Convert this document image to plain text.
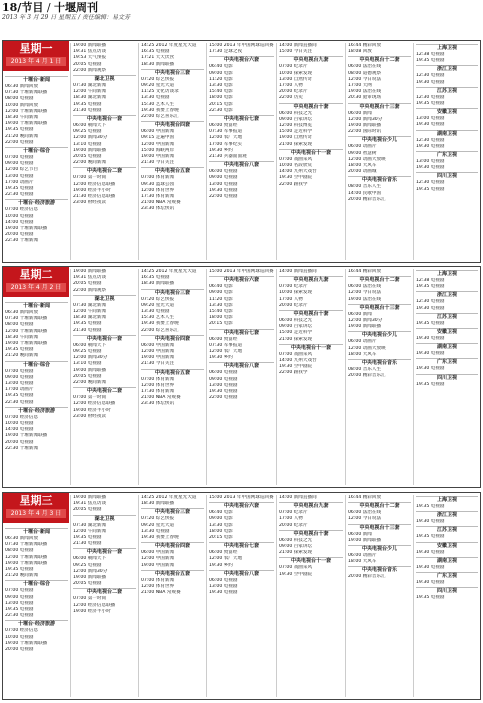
18/节目 / 十堰周刊
2013 年 3 月 29 日 星期五 / 责任编辑：易文芳
十堰台·新闻
06:30 新闻回放
07:30 十堰新闻联播
08:00 电视剧
10:00 新闻回放
12:00 十堰新闻联播
18:30 午间新闻
19:00 十堰新闻联播
19:35 电视剧
21:20 晚间新闻
22:00 电视剧
十堰台·综合
07:00 电视剧
09:00 电视剧
12:00 综艺节目
13:00 电视剧
17:00 动画片
19:35 电视剧
22:30 电视剧
十堰台·经济旅游
07:00 经济信息
10:00 电视剧
14:00 电视剧
19:00 十堰新闻联播
20:00 电视剧
22:30 十堰新闻
19:00 新闻联播
19:31 焦点访谈
19:53 天气预报
20:05 电视剧
22:00 新闻观察
湖北卫视
07:30 湖北新闻
12:00 午间新闻
18:30 湖北新闻
19:35 电视剧
21:30 电视剧
中央电视台一套
06:00 朝闻天下
09:25 电视剧
12:00 新闻30分
13:10 电视剧
19:00 新闻联播
20:05 电视剧
22:00 晚间新闻
中央电视台二套
07:00 第一时间
12:00 经济信息联播
19:00 经济半小时
21:30 经济信息联播
23:00 财经夜读
14:25 2012 年度星光大道
16:35 电视剧
17:21 天天饮食
18:30 新闻联播
中央电视台三套
07:20 综艺快报
09:20 星光大道
11:25 文化访谈录
13:30 电视剧
15:30 艺术人生
19:30 我要上春晚
22:00 综艺喜乐汇
中央电视台四套
06:00 中国新闻
09:15 走遍中国
12:00 中国新闻
15:00 海峡两岸
19:00 中国新闻
21:30 今日关注
中央电视台五套
07:00 体育新闻
09:30 篮球公园
12:00 体育世界
17:30 体育新闻
21:00 NBA 常规赛
23:30 体坛快讯
15:00 2013 年中国网球巡回赛
17:30 足球之夜
中央电视台六套
06:40 电影
09:00 电影
11:20 电影
13:30 电影
15:40 电影
18:00 电影
20:15 电影
22:30 电影
中央电视台七套
06:00 致富经
07:30 军事报道
12:00 农广天地
17:00 军事纪实
19:30 乡约
21:30 兵器面面观
中央电视台八套
06:00 电视剧
09:00 电视剧
13:00 电视剧
19:30 电视剧
22:00 电视剧
14:00 新闻直播间
15:00 今日关注
中央电视台九套
07:00 纪录片
10:00 探索发现
13:00 自然传奇
17:00 人物
20:00 纪录片
22:00 历史
中央电视台十套
06:00 科技之光
09:00 百家讲坛
12:00 科技博览
15:00 走近科学
19:00 自然传奇
21:00 探索发现
中央电视台十一套
07:00 戏曲采风
10:00 名段欣赏
14:00 九州大戏台
19:30 空中剧院
22:00 跟我学
16:44 精彩回放
18:08 回放
中央电视台十二套
06:00 法治在线
08:00 道德观察
12:00 今日说法
17:00 天网
19:00 法治在线
20:30 庭审现场
中央电视台十三套
06:00 新闻
12:00 新闻30分
19:00 新闻联播
22:00 国际时讯
中央电视台少儿
06:00 动画片
09:00 智慧树
12:00 动画大放映
18:00 大风车
20:00 动画城
中央电视台音乐
08:00 音乐人生
14:00 民歌中国
20:00 精彩音乐汇
上海卫视
12:38 电视剧
19:35 电视剧
浙江卫视
12:30 电视剧
19:30 电视剧
江苏卫视
12:30 电视剧
19:35 电视剧
安徽卫视
13:00 电视剧
19:30 电视剧
湖南卫视
12:30 电视剧
19:30 电视剧
广东卫视
13:00 电视剧
19:30 电视剧
四川卫视
12:30 电视剧
19:35 电视剧
星期一
2013 年 4 月 1 日
十堰台·新闻
06:30 新闻回放
07:30 十堰新闻联播
08:00 电视剧
12:00 十堰新闻联播
18:30 午间新闻
19:00 十堰新闻联播
19:35 电视剧
21:20 晚间新闻
十堰台·综合
07:00 电视剧
09:00 电视剧
13:00 电视剧
17:00 动画片
19:35 电视剧
22:30 电视剧
十堰台·经济旅游
07:00 经济信息
10:00 电视剧
14:00 电视剧
19:00 十堰新闻联播
20:00 电视剧
22:30 十堰新闻
19:00 新闻联播
19:31 焦点访谈
20:05 电视剧
22:00 新闻观察
湖北卫视
07:30 湖北新闻
12:00 午间新闻
18:30 湖北新闻
19:35 电视剧
21:30 电视剧
中央电视台一套
06:00 朝闻天下
09:25 电视剧
12:00 新闻30分
13:10 电视剧
19:00 新闻联播
20:05 电视剧
22:00 晚间新闻
中央电视台二套
07:00 第一时间
12:00 经济信息联播
19:00 经济半小时
23:00 财经夜读
14:25 2012 年度星光大道
16:35 电视剧
18:30 新闻联播
中央电视台三套
07:20 综艺快报
09:20 星光大道
13:30 电视剧
15:30 艺术人生
19:30 我要上春晚
22:00 综艺喜乐汇
中央电视台四套
06:00 中国新闻
12:00 中国新闻
19:00 中国新闻
21:30 今日关注
中央电视台五套
07:00 体育新闻
12:00 体育世界
17:30 体育新闻
21:00 NBA 常规赛
23:30 体坛快讯
15:00 2013 年中国网球巡回赛
中央电视台六套
06:40 电影
09:00 电影
11:20 电影
13:30 电影
15:40 电影
18:00 电影
20:15 电影
中央电视台七套
06:00 致富经
07:30 军事报道
12:00 农广天地
19:30 乡约
中央电视台八套
06:00 电视剧
09:00 电视剧
13:00 电视剧
19:30 电视剧
22:00 电视剧
14:00 新闻直播间
中央电视台九套
07:00 纪录片
10:00 探索发现
17:00 人物
20:00 纪录片
中央电视台十套
06:00 科技之光
09:00 百家讲坛
15:00 走近科学
21:00 探索发现
中央电视台十一套
07:00 戏曲采风
14:00 九州大戏台
19:30 空中剧院
22:00 跟我学
16:44 精彩回放
中央电视台十二套
06:00 法治在线
12:00 今日说法
19:00 法治在线
中央电视台十三套
06:00 新闻
12:00 新闻30分
19:00 新闻联播
中央电视台少儿
06:00 动画片
12:00 动画大放映
18:00 大风车
中央电视台音乐
08:00 音乐人生
20:00 精彩音乐汇
上海卫视
12:38 电视剧
19:35 电视剧
浙江卫视
12:30 电视剧
19:30 电视剧
江苏卫视
19:35 电视剧
安徽卫视
19:30 电视剧
湖南卫视
19:30 电视剧
广东卫视
19:30 电视剧
四川卫视
19:35 电视剧
星期二
2013 年 4 月 2 日
十堰台·新闻
06:30 新闻回放
07:30 十堰新闻联播
08:00 电视剧
12:00 十堰新闻联播
19:00 十堰新闻联播
19:35 电视剧
21:20 晚间新闻
十堰台·综合
07:00 电视剧
09:00 电视剧
13:00 电视剧
19:35 电视剧
22:30 电视剧
十堰台·经济旅游
07:00 经济信息
10:00 电视剧
19:00 十堰新闻联播
20:00 电视剧
19:00 新闻联播
19:31 焦点访谈
20:05 电视剧
湖北卫视
07:30 湖北新闻
12:00 午间新闻
19:35 电视剧
21:30 电视剧
中央电视台一套
06:00 朝闻天下
09:25 电视剧
12:00 新闻30分
19:00 新闻联播
20:05 电视剧
中央电视台二套
07:00 第一时间
12:00 经济信息联播
19:00 经济半小时
14:25 2012 年度星光大道
18:30 新闻联播
中央电视台三套
07:20 综艺快报
09:20 星光大道
13:30 电视剧
19:30 我要上春晚
中央电视台四套
06:00 中国新闻
12:00 中国新闻
19:00 中国新闻
中央电视台五套
07:00 体育新闻
12:00 体育世界
21:00 NBA 常规赛
15:00 2013 年中国网球巡回赛
中央电视台六套
06:40 电影
09:00 电影
13:30 电影
18:00 电影
20:15 电影
中央电视台七套
06:00 致富经
12:00 农广天地
19:30 乡约
中央电视台八套
06:00 电视剧
13:00 电视剧
19:30 电视剧
14:00 新闻直播间
中央电视台九套
07:00 纪录片
17:00 人物
20:00 纪录片
中央电视台十套
06:00 科技之光
09:00 百家讲坛
21:00 探索发现
中央电视台十一套
07:00 戏曲采风
19:30 空中剧院
16:44 精彩回放
中央电视台十二套
06:00 法治在线
12:00 今日说法
中央电视台十三套
06:00 新闻
19:00 新闻联播
中央电视台少儿
06:00 动画片
18:00 大风车
中央电视台音乐
20:00 精彩音乐汇
上海卫视
19:35 电视剧
浙江卫视
19:30 电视剧
江苏卫视
19:35 电视剧
安徽卫视
19:30 电视剧
湖南卫视
19:30 电视剧
广东卫视
19:30 电视剧
四川卫视
19:35 电视剧
星期三
2013 年 4 月 3 日
